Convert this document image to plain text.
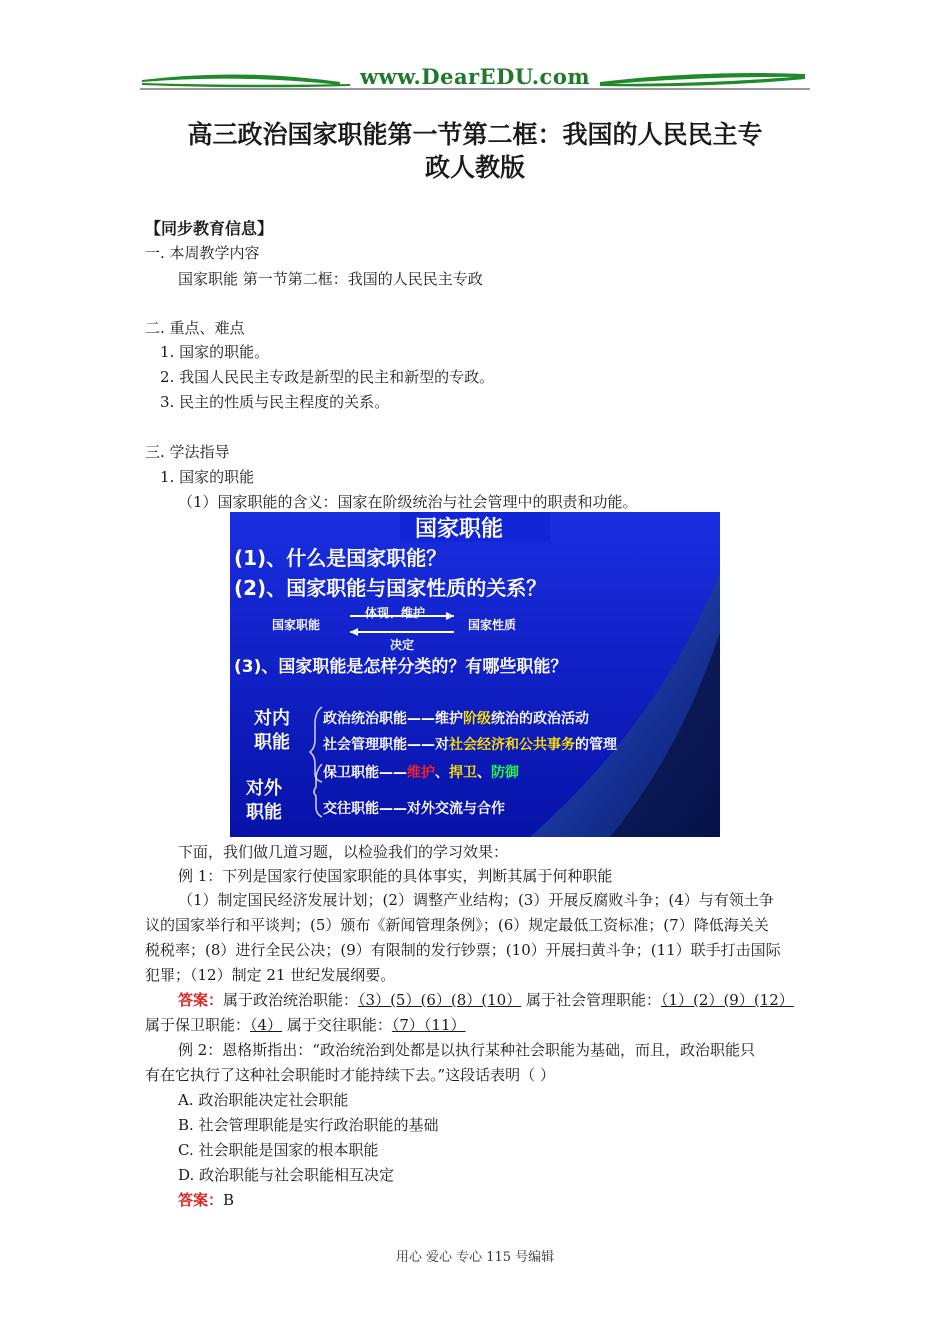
www.DearEDU.com
高三政治国家职能第一节第二框：我国的人民民主专
政人教版
【同步教育信息】
一. 本周教学内容
国家职能 第一节第二框：我国的人民民主专政
二. 重点、难点
1. 国家的职能。
2. 我国人民民主专政是新型的民主和新型的专政。
3. 民主的性质与民主程度的关系。
三. 学法指导
1. 国家的职能
（1）国家职能的含义：国家在阶级统治与社会管理中的职责和功能。
国家职能
(1)、什么是国家职能？
(2)、国家职能与国家性质的关系？
国家职能
体现、维护
决定
国家性质
(3)、国家职能是怎样分类的？有哪些职能？
对内
职能
政治统治职能——维护阶级统治的政治活动
社会管理职能——对社会经济和公共事务的管理
对外
职能
保卫职能——维护、捍卫、防御
交往职能——对外交流与合作
下面，我们做几道习题，以检验我们的学习效果：
例 1：下列是国家行使国家职能的具体事实，判断其属于何种职能
（1）制定国民经济发展计划；(2）调整产业结构；(3）开展反腐败斗争；(4）与有领土争
议的国家举行和平谈判；(5）颁布《新闻管理条例》；(6）规定最低工资标准；(7）降低海关关
税税率；(8）进行全民公决；(9）有限制的发行钞票；(10）开展扫黄斗争；(11）联手打击国际
犯罪；（12）制定 21 世纪发展纲要。
答案：属于政治统治职能：（3）(5）(6）(8）(10） 属于社会管理职能：（1）(2）(9）(12）
属于保卫职能：（4） 属于交往职能：（7）（11）
例 2：恩格斯指出：“政治统治到处都是以执行某种社会职能为基础，而且，政治职能只
有在它执行了这种社会职能时才能持续下去。”这段话表明（ ）
A. 政治职能决定社会职能
B. 社会管理职能是实行政治职能的基础
C. 社会职能是国家的根本职能
D. 政治职能与社会职能相互决定
答案：B
用心 爱心 专心 115 号编辑
